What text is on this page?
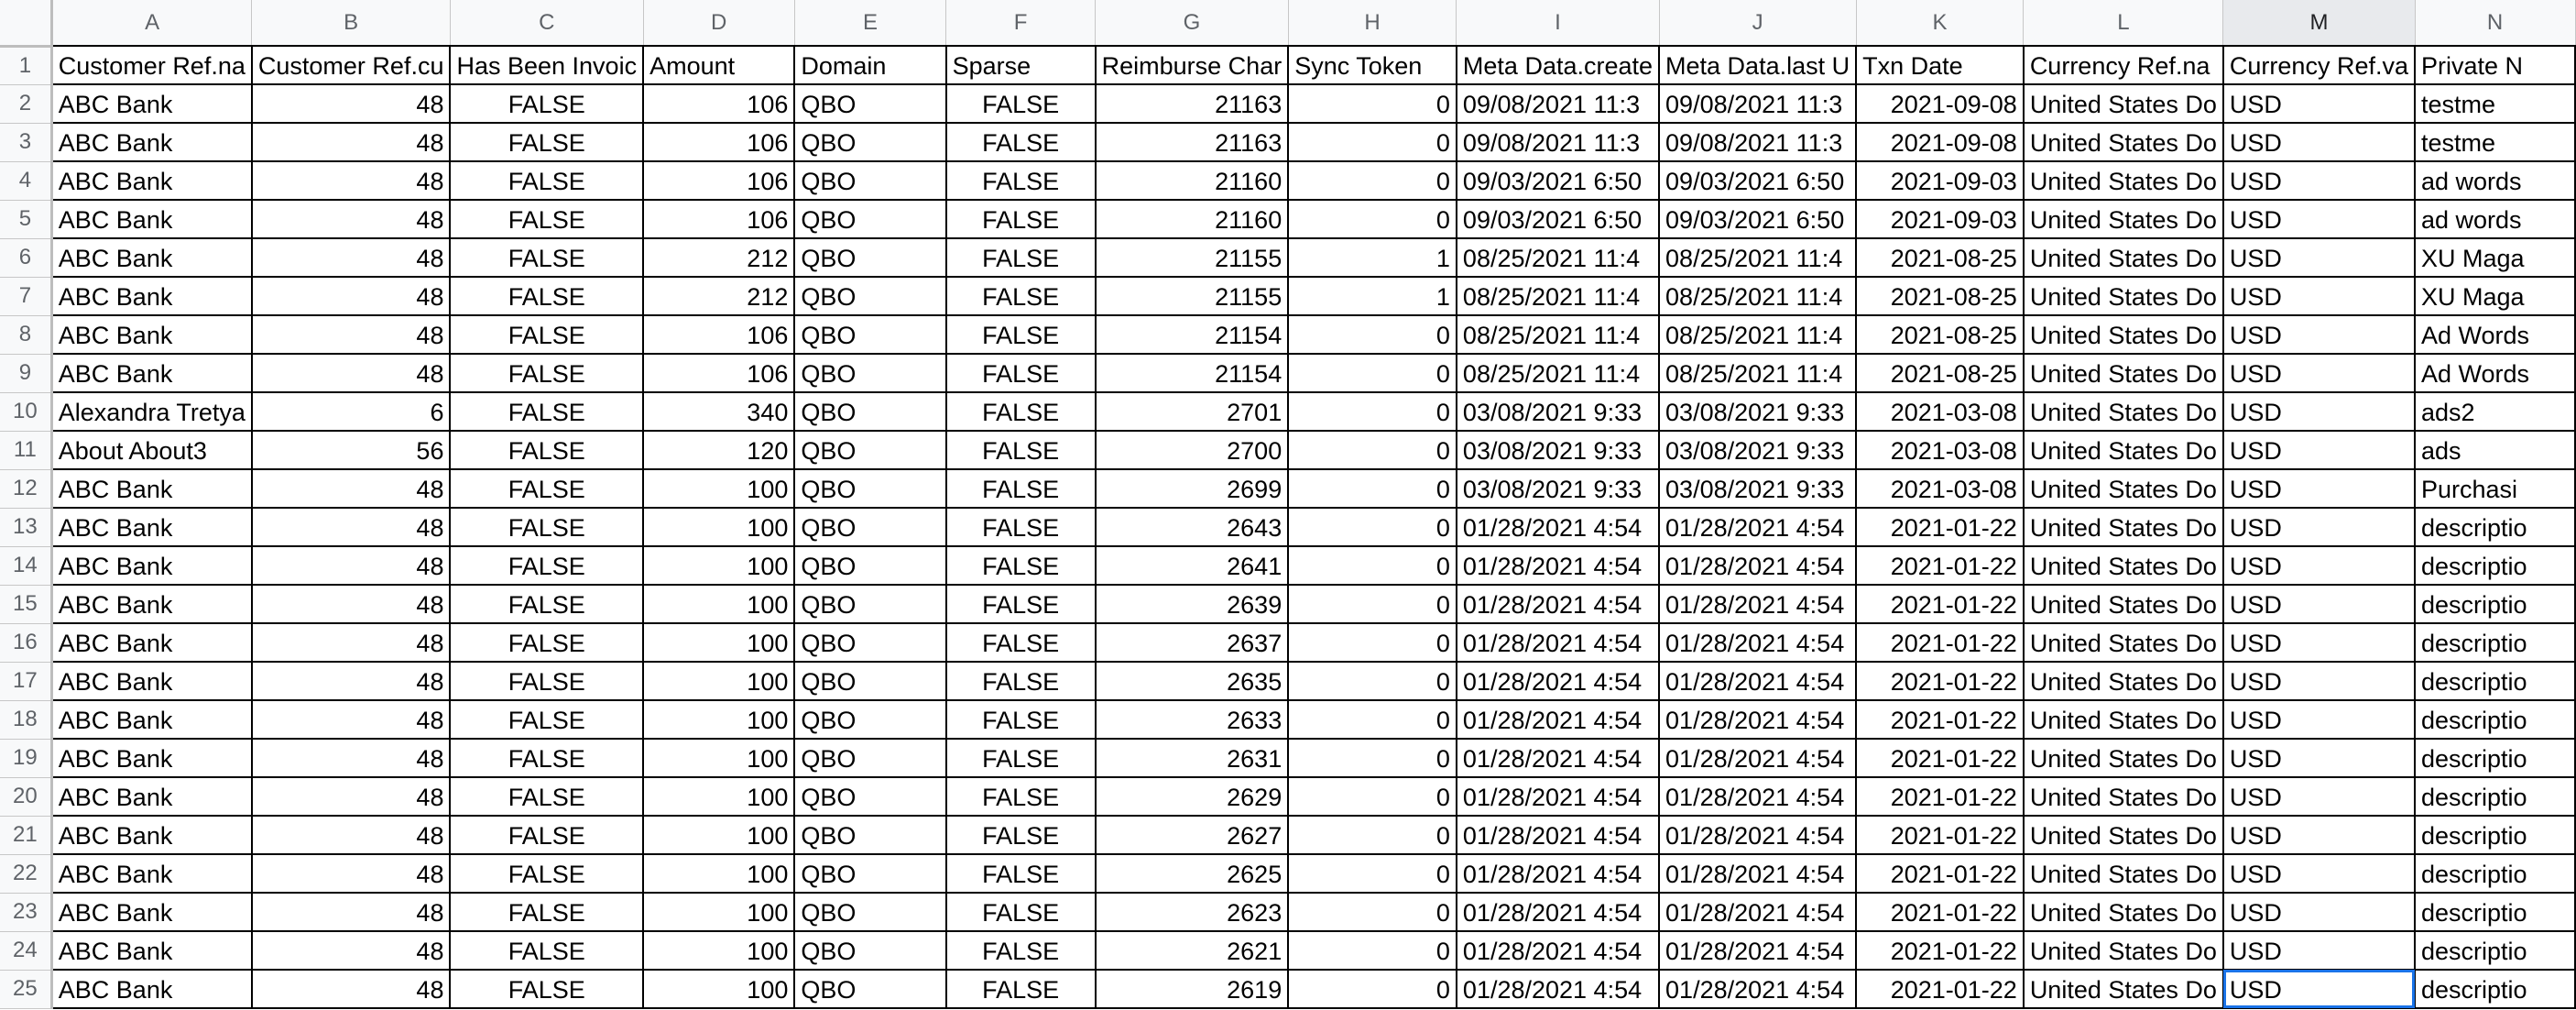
	A	B	C	D	E	F	G	H	I	J	K	L	M	N
1	Customer Ref.na	Customer Ref.cu	Has Been Invoic	Amount	Domain	Sparse	Reimburse Char	Sync Token	Meta Data.create	Meta Data.last U	Txn Date	Currency Ref.na	Currency Ref.va	Private N
2	ABC Bank	48	FALSE	106	QBO	FALSE	21163	0	09/08/2021 11:3	09/08/2021 11:3	2021-09-08	United States Do	USD	testme
3	ABC Bank	48	FALSE	106	QBO	FALSE	21163	0	09/08/2021 11:3	09/08/2021 11:3	2021-09-08	United States Do	USD	testme
4	ABC Bank	48	FALSE	106	QBO	FALSE	21160	0	09/03/2021 6:50	09/03/2021 6:50	2021-09-03	United States Do	USD	ad words
5	ABC Bank	48	FALSE	106	QBO	FALSE	21160	0	09/03/2021 6:50	09/03/2021 6:50	2021-09-03	United States Do	USD	ad words
6	ABC Bank	48	FALSE	212	QBO	FALSE	21155	1	08/25/2021 11:4	08/25/2021 11:4	2021-08-25	United States Do	USD	XU Maga
7	ABC Bank	48	FALSE	212	QBO	FALSE	21155	1	08/25/2021 11:4	08/25/2021 11:4	2021-08-25	United States Do	USD	XU Maga
8	ABC Bank	48	FALSE	106	QBO	FALSE	21154	0	08/25/2021 11:4	08/25/2021 11:4	2021-08-25	United States Do	USD	Ad Words
9	ABC Bank	48	FALSE	106	QBO	FALSE	21154	0	08/25/2021 11:4	08/25/2021 11:4	2021-08-25	United States Do	USD	Ad Words
10	Alexandra Tretya	6	FALSE	340	QBO	FALSE	2701	0	03/08/2021 9:33	03/08/2021 9:33	2021-03-08	United States Do	USD	ads2
11	About About3	56	FALSE	120	QBO	FALSE	2700	0	03/08/2021 9:33	03/08/2021 9:33	2021-03-08	United States Do	USD	ads
12	ABC Bank	48	FALSE	100	QBO	FALSE	2699	0	03/08/2021 9:33	03/08/2021 9:33	2021-03-08	United States Do	USD	Purchasi
13	ABC Bank	48	FALSE	100	QBO	FALSE	2643	0	01/28/2021 4:54	01/28/2021 4:54	2021-01-22	United States Do	USD	descriptio
14	ABC Bank	48	FALSE	100	QBO	FALSE	2641	0	01/28/2021 4:54	01/28/2021 4:54	2021-01-22	United States Do	USD	descriptio
15	ABC Bank	48	FALSE	100	QBO	FALSE	2639	0	01/28/2021 4:54	01/28/2021 4:54	2021-01-22	United States Do	USD	descriptio
16	ABC Bank	48	FALSE	100	QBO	FALSE	2637	0	01/28/2021 4:54	01/28/2021 4:54	2021-01-22	United States Do	USD	descriptio
17	ABC Bank	48	FALSE	100	QBO	FALSE	2635	0	01/28/2021 4:54	01/28/2021 4:54	2021-01-22	United States Do	USD	descriptio
18	ABC Bank	48	FALSE	100	QBO	FALSE	2633	0	01/28/2021 4:54	01/28/2021 4:54	2021-01-22	United States Do	USD	descriptio
19	ABC Bank	48	FALSE	100	QBO	FALSE	2631	0	01/28/2021 4:54	01/28/2021 4:54	2021-01-22	United States Do	USD	descriptio
20	ABC Bank	48	FALSE	100	QBO	FALSE	2629	0	01/28/2021 4:54	01/28/2021 4:54	2021-01-22	United States Do	USD	descriptio
21	ABC Bank	48	FALSE	100	QBO	FALSE	2627	0	01/28/2021 4:54	01/28/2021 4:54	2021-01-22	United States Do	USD	descriptio
22	ABC Bank	48	FALSE	100	QBO	FALSE	2625	0	01/28/2021 4:54	01/28/2021 4:54	2021-01-22	United States Do	USD	descriptio
23	ABC Bank	48	FALSE	100	QBO	FALSE	2623	0	01/28/2021 4:54	01/28/2021 4:54	2021-01-22	United States Do	USD	descriptio
24	ABC Bank	48	FALSE	100	QBO	FALSE	2621	0	01/28/2021 4:54	01/28/2021 4:54	2021-01-22	United States Do	USD	descriptio
25	ABC Bank	48	FALSE	100	QBO	FALSE	2619	0	01/28/2021 4:54	01/28/2021 4:54	2021-01-22	United States Do	USD	descriptio
